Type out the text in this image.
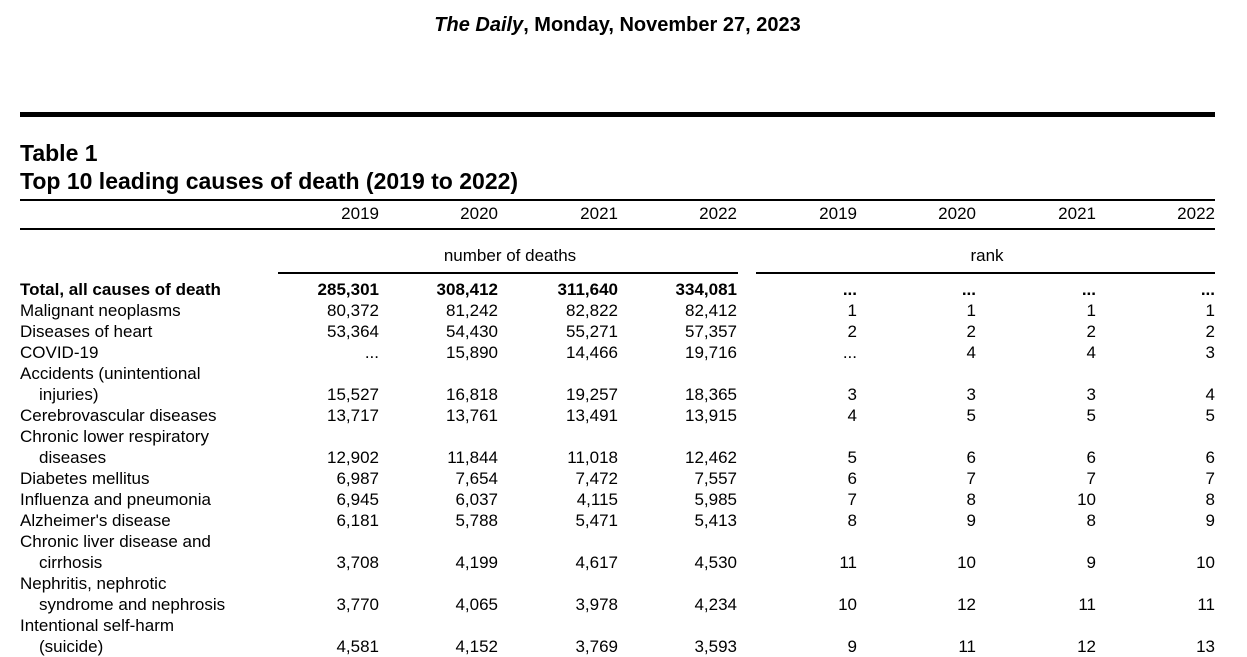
The Daily, Monday, November 27, 2023
Table 1
Top 10 leading causes of death (2019 to 2022)
2019	2020	2021	2022	2019	2020	2021	2022
number of deaths	rank
Total, all causes of death	285,301	308,412	311,640	334,081	...	...	...	...
Malignant neoplasms	80,372	81,242	82,822	82,412	1	1	1	1
Diseases of heart	53,364	54,430	55,271	57,357	2	2	2	2
COVID-19	...	15,890	14,466	19,716	...	4	4	3
Accidents (unintentional
injuries)	15,527	16,818	19,257	18,365	3	3	3	4
Cerebrovascular diseases	13,717	13,761	13,491	13,915	4	5	5	5
Chronic lower respiratory
diseases	12,902	11,844	11,018	12,462	5	6	6	6
Diabetes mellitus	6,987	7,654	7,472	7,557	6	7	7	7
Influenza and pneumonia	6,945	6,037	4,115	5,985	7	8	10	8
Alzheimer's disease	6,181	5,788	5,471	5,413	8	9	8	9
Chronic liver disease and
cirrhosis	3,708	4,199	4,617	4,530	11	10	9	10
Nephritis, nephrotic
syndrome and nephrosis	3,770	4,065	3,978	4,234	10	12	11	11
Intentional self-harm
(suicide)	4,581	4,152	3,769	3,593	9	11	12	13
